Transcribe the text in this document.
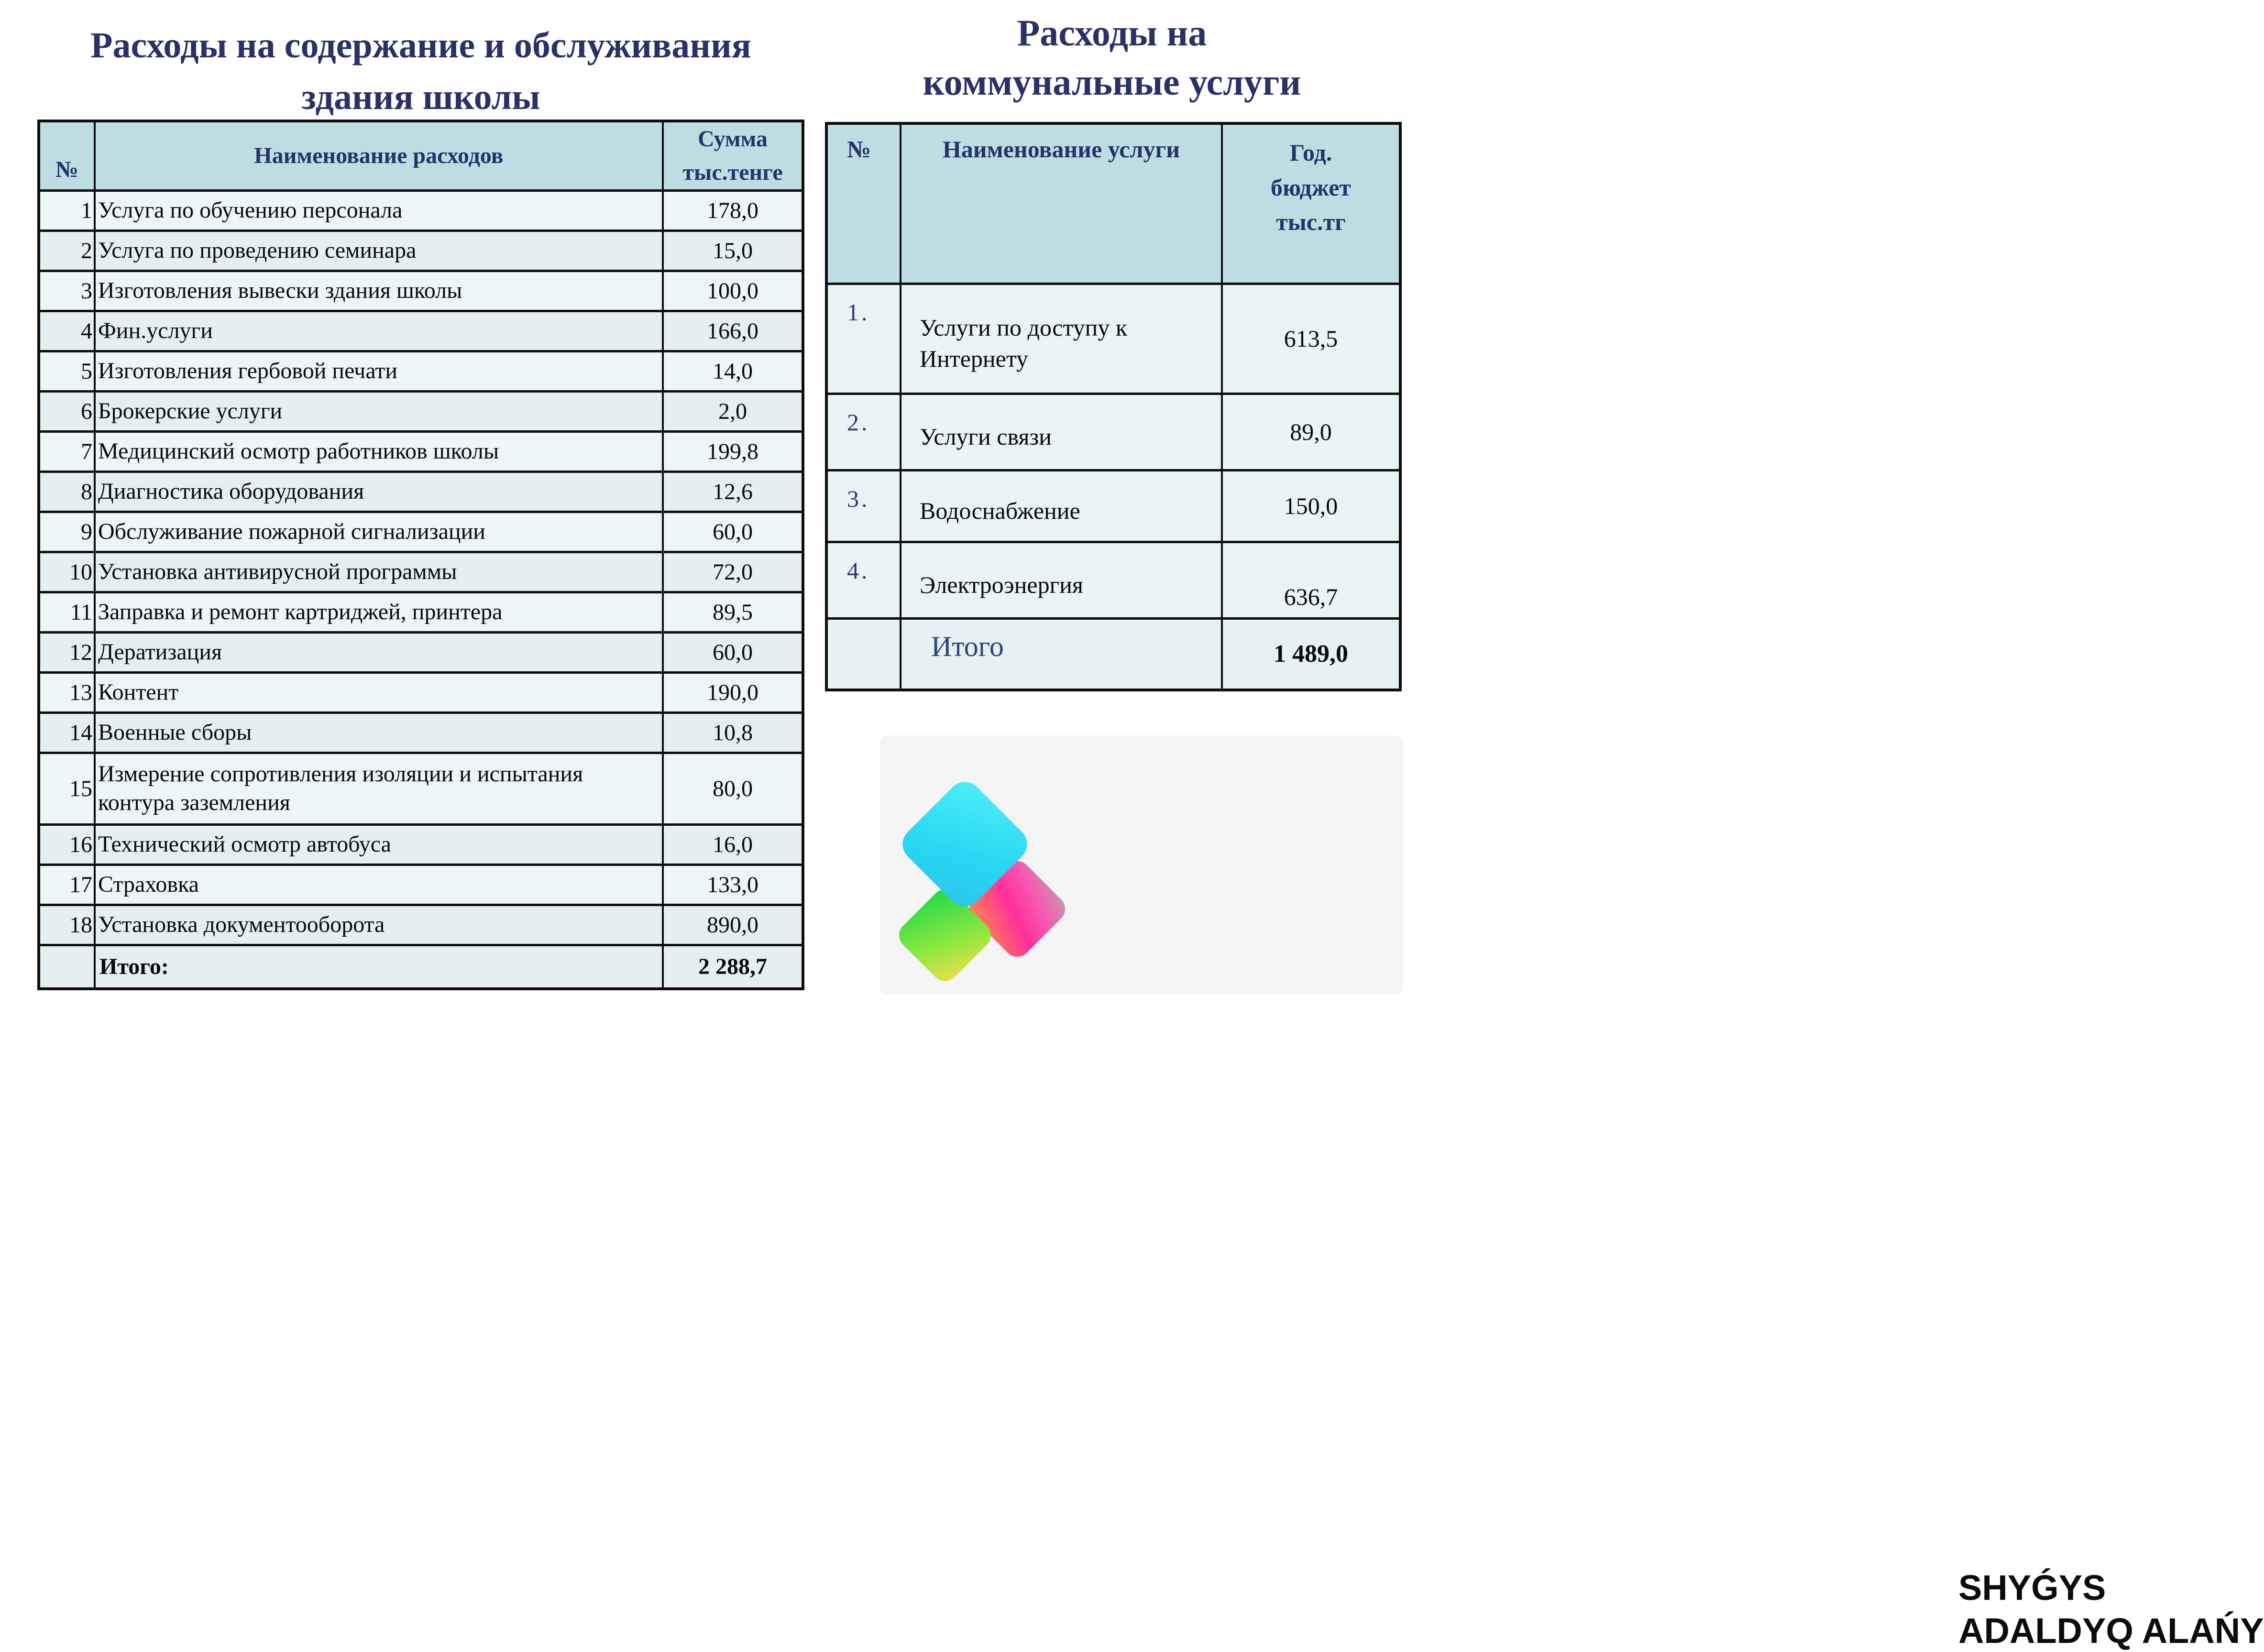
Расходы на содержание и обслуживания
здания школы
Расходы на
коммунальные услуги
№	Наименование расходов	Сумма
тыс.тенге

1	Услуга по обучению персонала	178,0
2	Услуга по проведению семинара	15,0
3	Изготовления вывески здания школы	100,0
4	Фин.услуги	166,0
5	Изготовления гербовой печати	14,0
6	Брокерские услуги	2,0
7	Медицинский осмотр работников школы	199,8
8	Диагностика оборудования	12,6
9	Обслуживание пожарной сигнализации	60,0
10	Установка антивирусной программы	72,0
11	Заправка и ремонт картриджей, принтера	89,5
12	Дератизация	60,0
13	Контент	190,0
14	Военные сборы	10,8
15	Измерение сопротивления изоляции и испытания контура заземления	80,0
16	Технический осмотр автобуса	16,0
17	Страховка	133,0
18	Установка документооборота	890,0
	Итого:	2 288,7
№	Наименование услуги	Год.
бюджет
тыс.тг

1.	Услуги по доступу к Интернету	613,5
2.	Услуги связи	89,0
3.	Водоснабжение	150,0
4.	Электроэнергия	636,7
	Итого	1 489,0
SHYǴYS
ADALDYQ ALAŃY
